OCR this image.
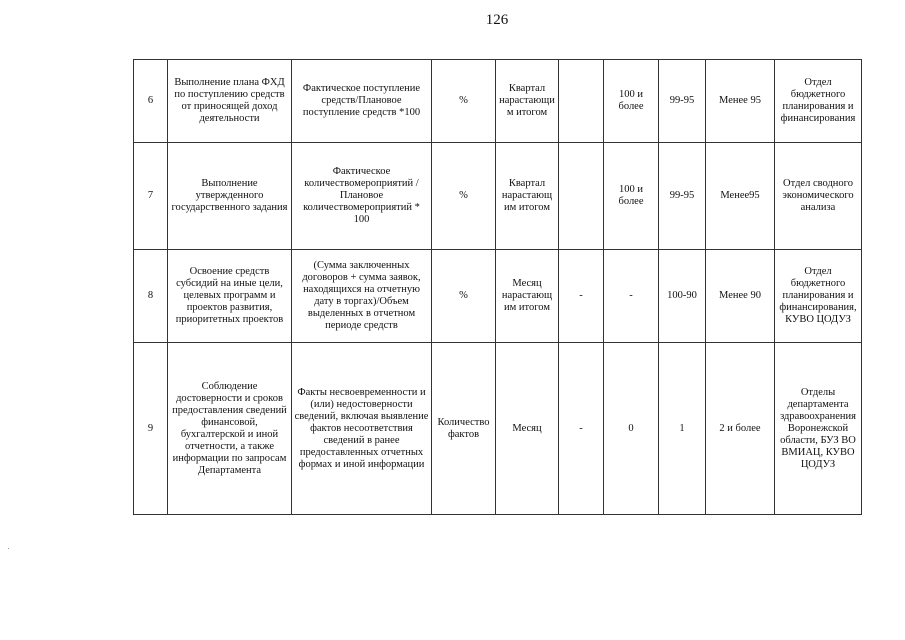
126
6	Выполнение плана ФХД по поступлению средств от приносящей доход деятельности	Фактическое поступление средств/Плановое поступление средств *100	%	Квартал нарастающи м итогом		100 и более	99-95	Менее 95	Отдел бюджетного планирования и финансирования
7	Выполнение утвержденного государственного задания	Фактическое количествомероприятий /Плановое количествомероприятий * 100	%	Квартал нарастающ им итогом		100 и более	99-95	Менее95	Отдел сводного экономического анализа
8	Освоение средств субсидий на иные цели, целевых программ и проектов развития, приоритетных проектов	(Сумма заключенных договоров + сумма заявок, находящихся на отчетную дату в торгах)/Объем выделенных в отчетном периоде средств	%	Месяц нарастающ им итогом	-	-	100-90	Менее 90	Отдел бюджетного планирования и финансирования, КУВО ЦОДУЗ
9	Соблюдение достоверности и сроков предоставления сведений финансовой, бухгалтерской и иной отчетности, а также информации по запросам Департамента	Факты несвоевременности и (или) недостоверности сведений, включая выявление фактов несоответствия сведений в ранее предоставленных отчетных формах и иной информации	Количество фактов	Месяц	-	0	1	2 и более	Отделы департамента здравоохранения Воронежской области, БУЗ ВО ВМИАЦ, КУВО ЦОДУЗ
